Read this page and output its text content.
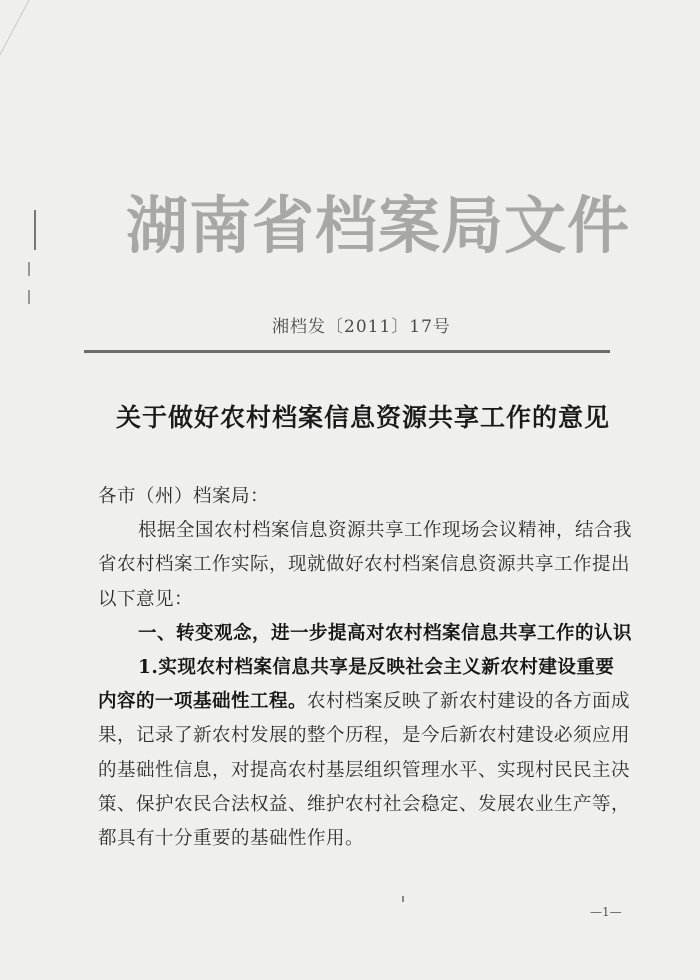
湖南省档案局文件
湘档发〔2011〕17号
关于做好农村档案信息资源共享工作的意见

各市（州）档案局：

根据全国农村档案信息资源共享工作现场会议精神，结合我

省农村档案工作实际，现就做好农村档案信息资源共享工作提出

以下意见：

一、转变观念，进一步提高对农村档案信息共享工作的认识

1.实现农村档案信息共享是反映社会主义新农村建设重要

内容的一项基础性工程。农村档案反映了新农村建设的各方面成

果，记录了新农村发展的整个历程，是今后新农村建设必须应用

的基础性信息，对提高农村基层组织管理水平、实现村民民主决

策、保护农民合法权益、维护农村社会稳定、发展农业生产等，

都具有十分重要的基础性作用。

—1—
